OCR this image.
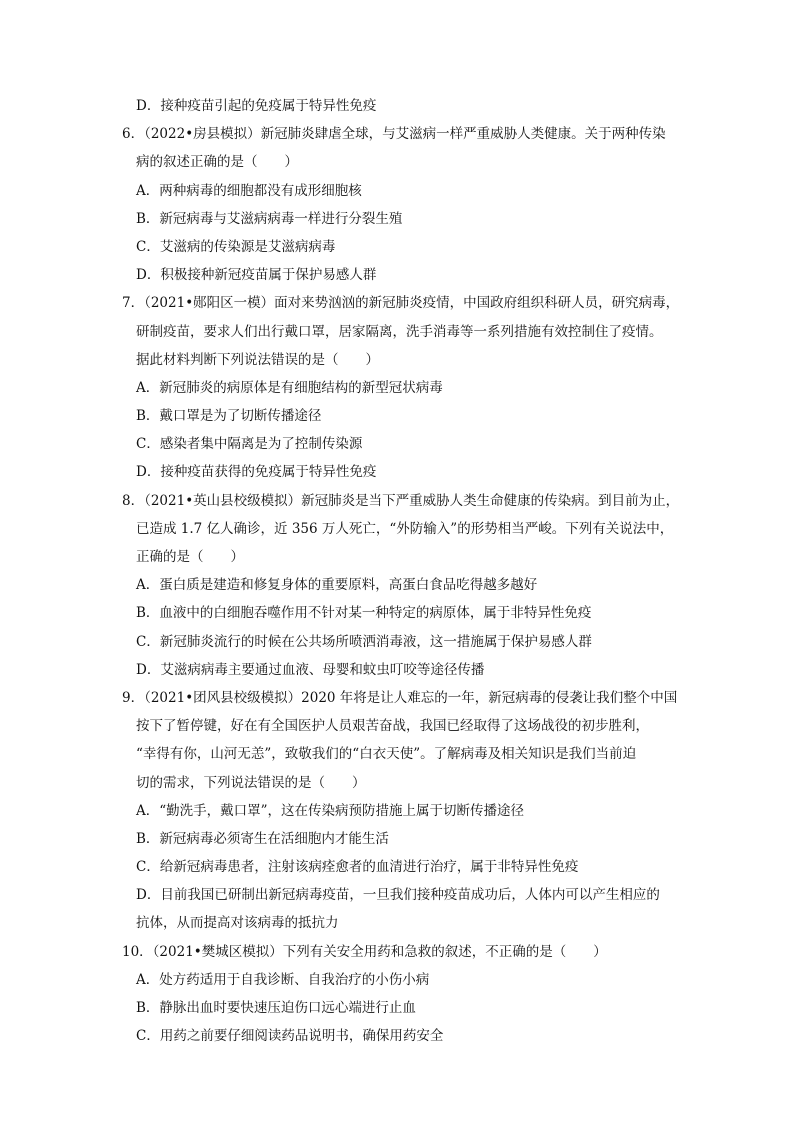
D．接种疫苗引起的免疫属于特异性免疫
6．（2022•房县模拟）新冠肺炎肆虐全球，与艾滋病一样严重威胁人类健康。关于两种传染
病的叙述正确的是（　　）
A．两种病毒的细胞都没有成形细胞核
B．新冠病毒与艾滋病病毒一样进行分裂生殖
C．艾滋病的传染源是艾滋病病毒
D．积极接种新冠疫苗属于保护易感人群
7．（2021•郧阳区一模）面对来势汹汹的新冠肺炎疫情，中国政府组织科研人员，研究病毒，
研制疫苗，要求人们出行戴口罩，居家隔离，洗手消毒等一系列措施有效控制住了疫情。
据此材料判断下列说法错误的是（　　）
A．新冠肺炎的病原体是有细胞结构的新型冠状病毒
B．戴口罩是为了切断传播途径
C．感染者集中隔离是为了控制传染源
D．接种疫苗获得的免疫属于特异性免疫
8．（2021•英山县校级模拟）新冠肺炎是当下严重威胁人类生命健康的传染病。到目前为止，
已造成 1.7 亿人确诊，近 356 万人死亡，“外防输入”的形势相当严峻。下列有关说法中，
正确的是（　　）
A．蛋白质是建造和修复身体的重要原料，高蛋白食品吃得越多越好
B．血液中的白细胞吞噬作用不针对某一种特定的病原体，属于非特异性免疫
C．新冠肺炎流行的时候在公共场所喷洒消毒液，这一措施属于保护易感人群
D．艾滋病病毒主要通过血液、母婴和蚊虫叮咬等途径传播
9．（2021•团风县校级模拟）2020 年将是让人难忘的一年，新冠病毒的侵袭让我们整个中国
按下了暂停键，好在有全国医护人员艰苦奋战，我国已经取得了这场战役的初步胜利，
“幸得有你，山河无恙”，致敬我们的“白衣天使”。了解病毒及相关知识是我们当前迫
切的需求，下列说法错误的是（　　）
A．“勤洗手，戴口罩”，这在传染病预防措施上属于切断传播途径
B．新冠病毒必须寄生在活细胞内才能生活
C．给新冠病毒患者，注射该病痊愈者的血清进行治疗，属于非特异性免疫
D．目前我国已研制出新冠病毒疫苗，一旦我们接种疫苗成功后，人体内可以产生相应的
抗体，从而提高对该病毒的抵抗力
10．（2021•樊城区模拟）下列有关安全用药和急救的叙述，不正确的是（　　）
A．处方药适用于自我诊断、自我治疗的小伤小病
B．静脉出血时要快速压迫伤口远心端进行止血
C．用药之前要仔细阅读药品说明书，确保用药安全
